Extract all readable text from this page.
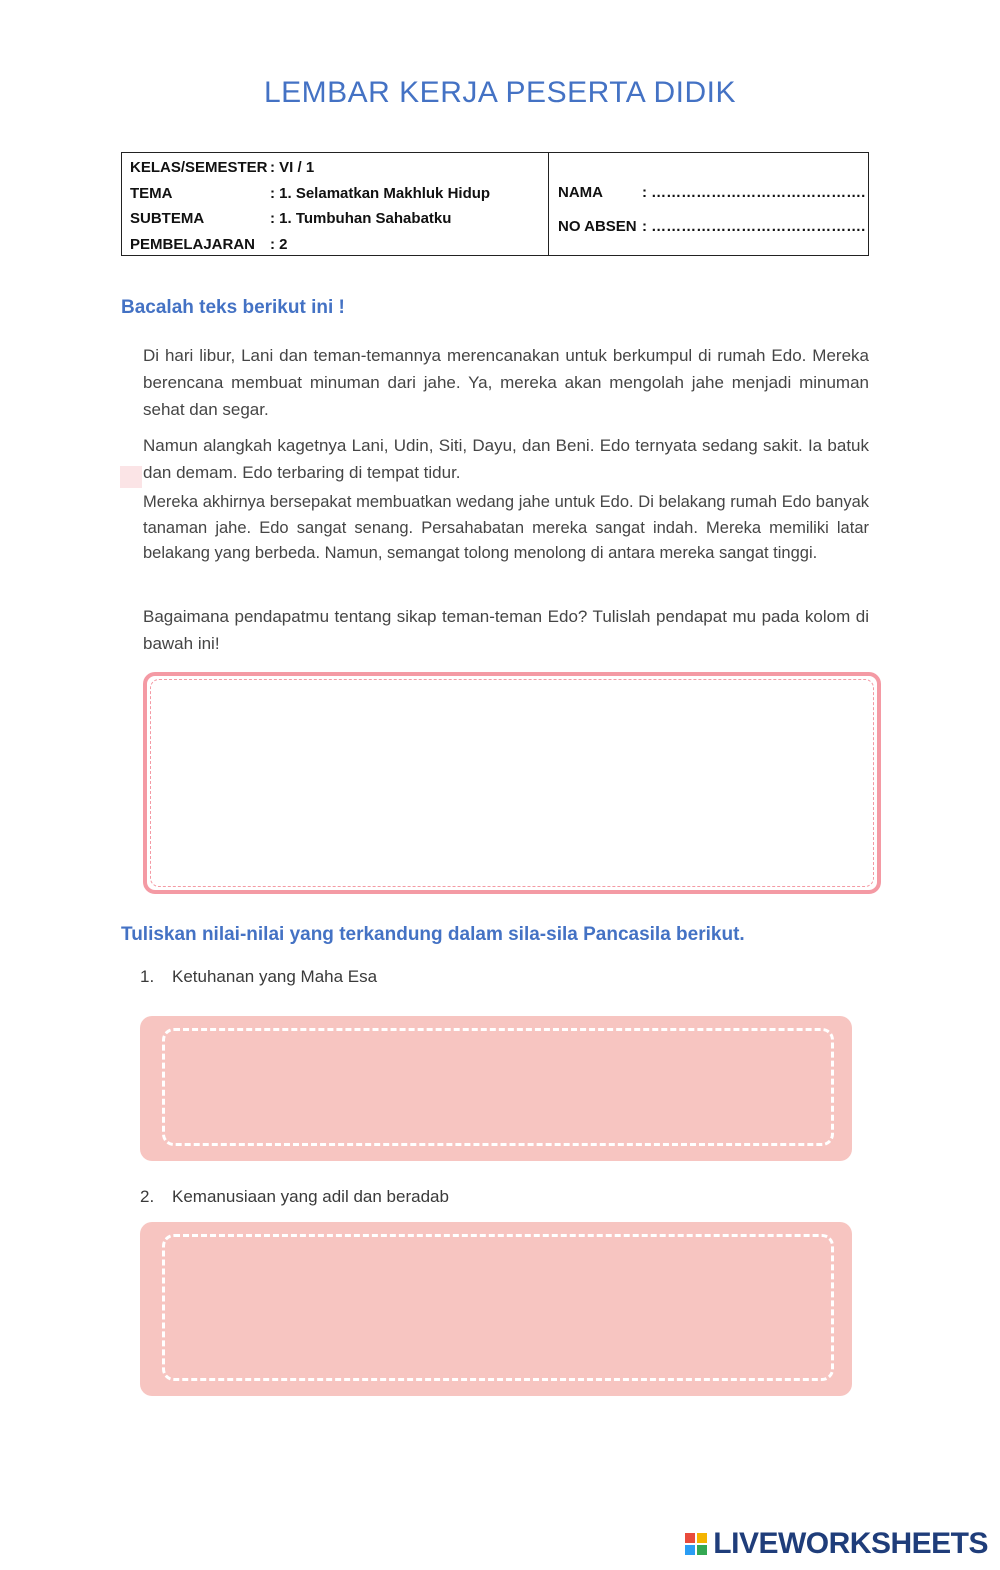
LEMBAR KERJA PESERTA DIDIK
KELAS/SEMESTER : VI / 1
TEMA	: 1. Selamatkan Makhluk Hidup
SUBTEMA	: 1. Tumbuhan Sahabatku
PEMBELAJARAN : 2
NAMA	: …………………………………….
NO ABSEN : …………………………………….
Bacalah teks berikut ini !

Di hari libur, Lani dan teman-temannya merencanakan untuk berkumpul di rumah Edo. Mereka berencana membuat minuman dari jahe. Ya, mereka akan mengolah jahe menjadi minuman sehat dan segar.

Namun alangkah kagetnya Lani, Udin, Siti, Dayu, dan Beni. Edo ternyata sedang sakit. Ia batuk dan demam. Edo terbaring di tempat tidur.

Mereka akhirnya bersepakat membuatkan wedang jahe untuk Edo. Di belakang rumah Edo banyak tanaman jahe. Edo sangat senang. Persahabatan mereka sangat indah. Mereka memiliki latar belakang yang berbeda. Namun, semangat tolong menolong di antara mereka sangat tinggi.

Bagaimana pendapatmu tentang sikap teman-teman Edo? Tulislah pendapat mu pada kolom di bawah ini!

Tuliskan nilai-nilai yang terkandung dalam sila-sila Pancasila berikut.
1. Ketuhanan yang Maha Esa
2. Kemanusiaan yang adil dan beradab
LIVEWORKSHEETS
